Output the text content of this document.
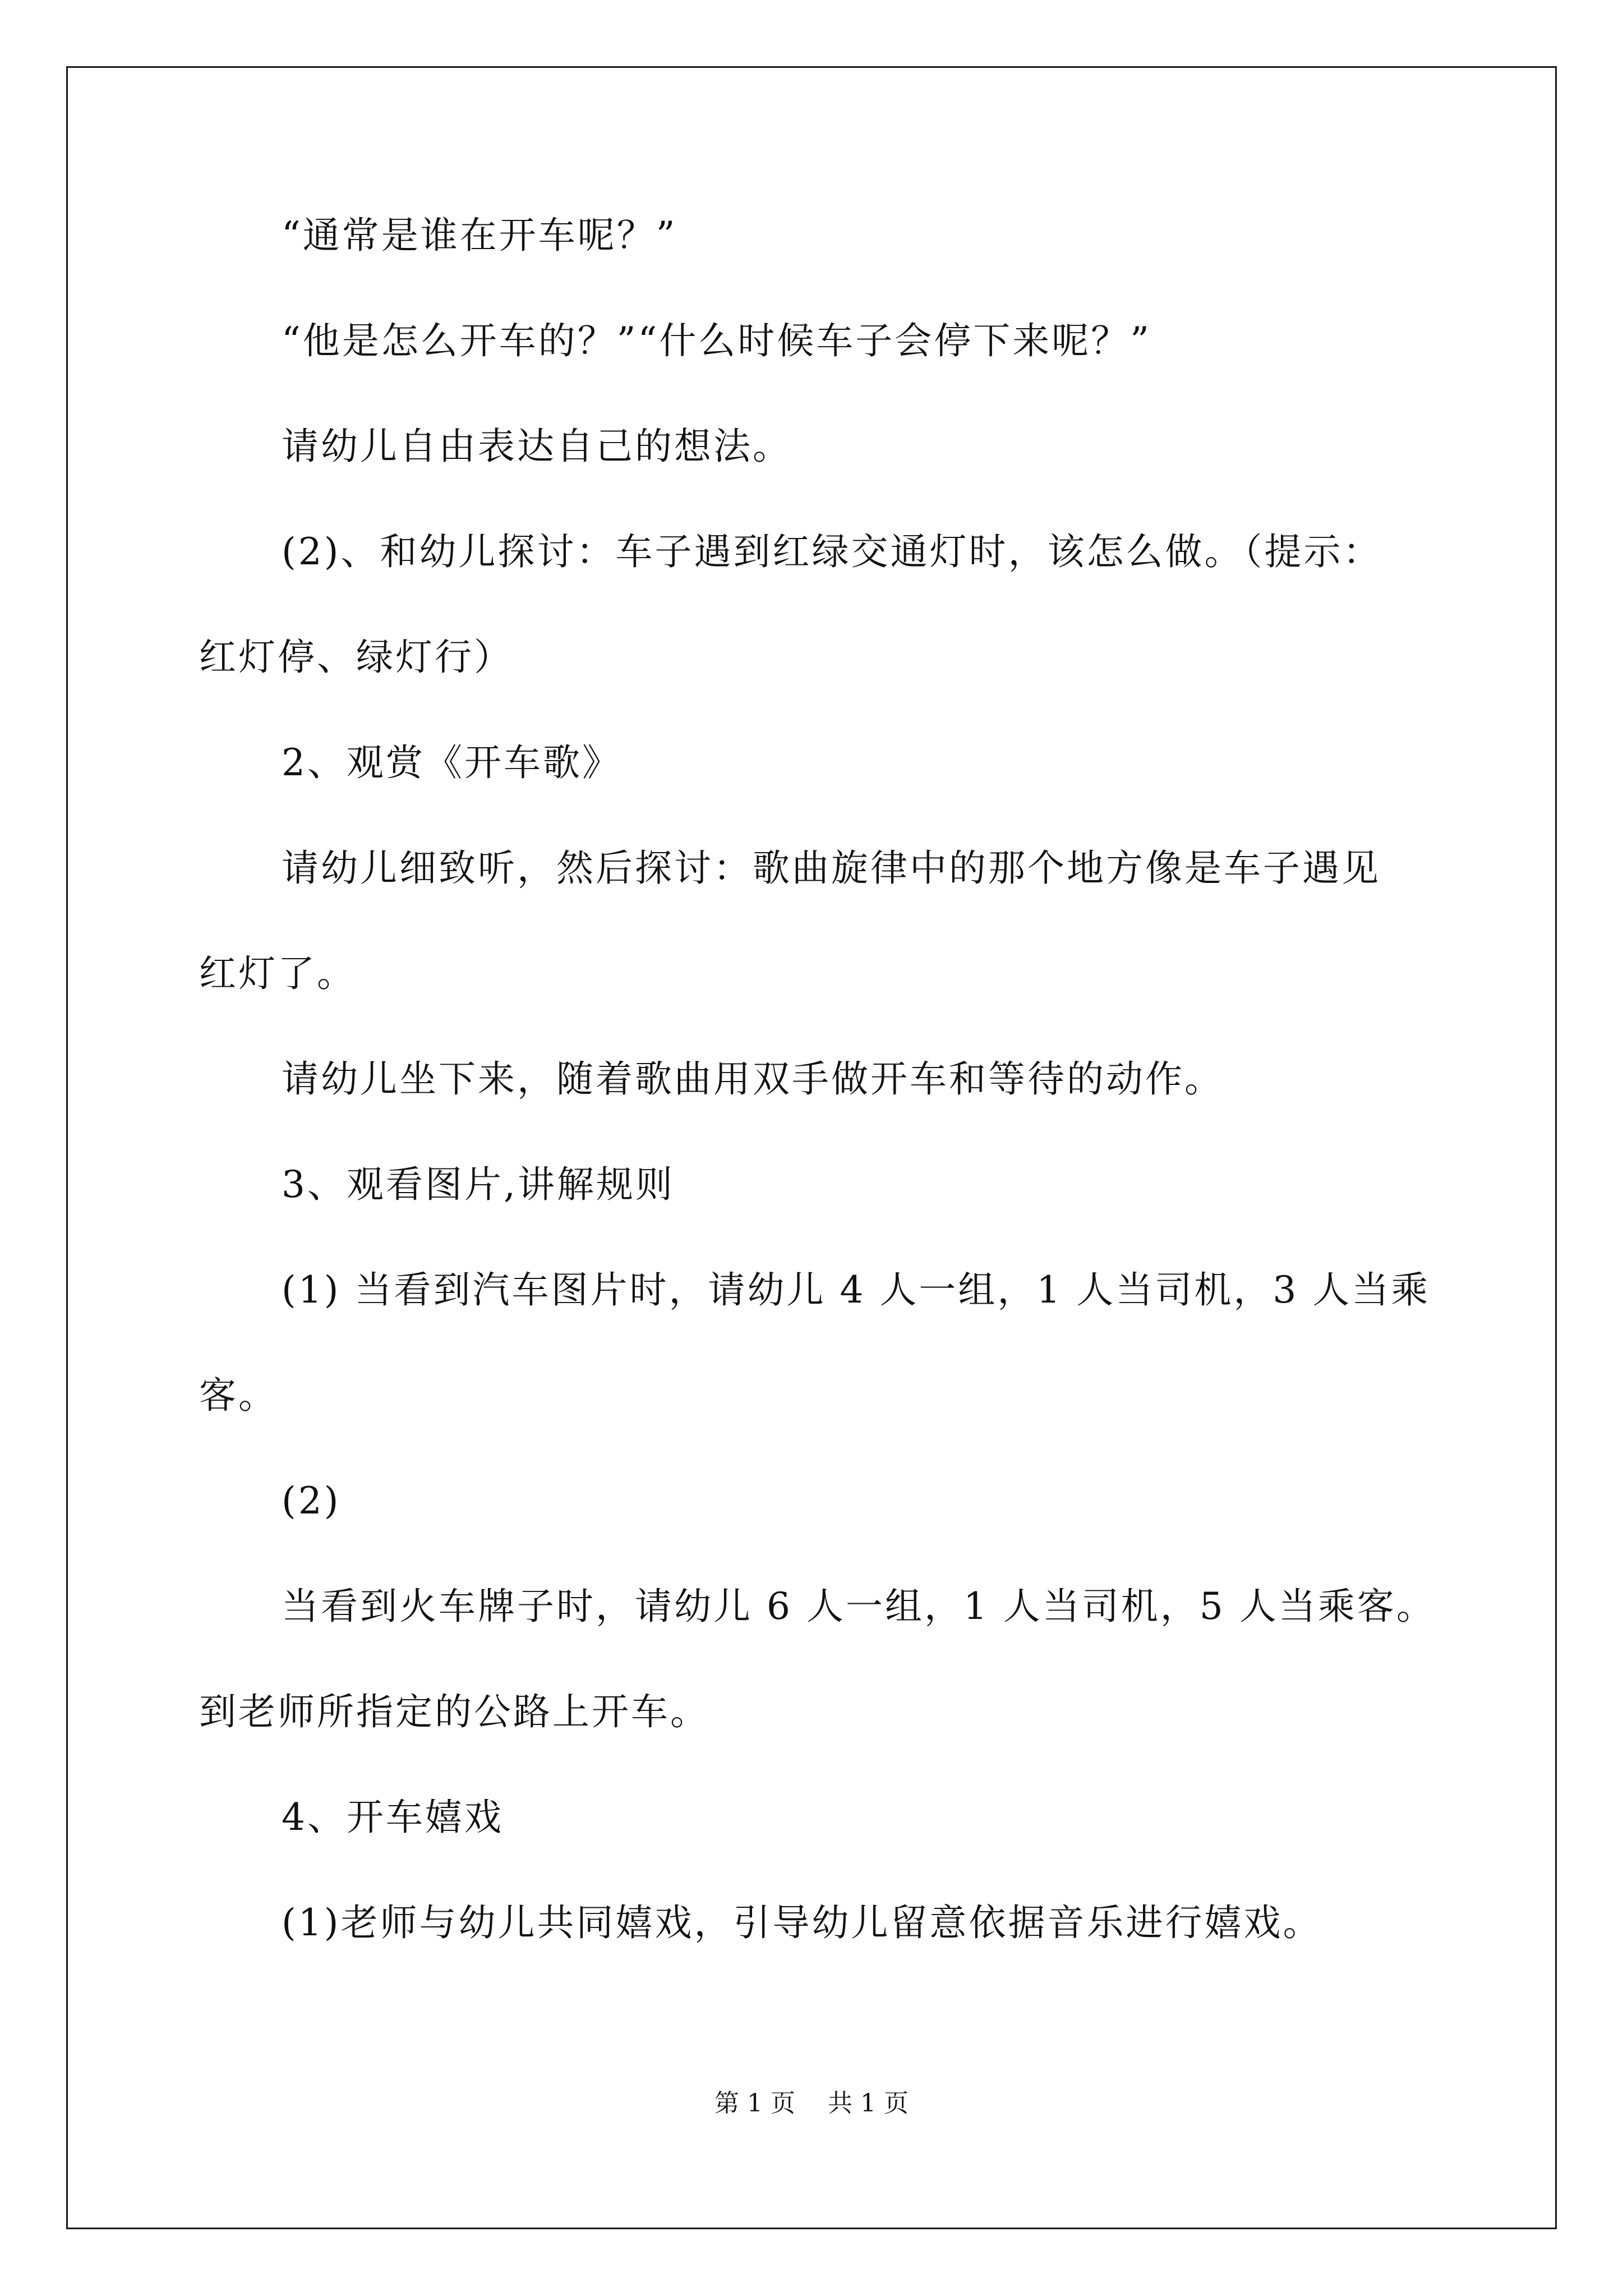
“通常是谁在开车呢？”
“他是怎么开车的？”“什么时候车子会停下来呢？”
请幼儿自由表达自己的想法。
(2)、和幼儿探讨：车子遇到红绿交通灯时，该怎么做。（提示：
红灯停、绿灯行）
2、观赏《开车歌》
请幼儿细致听，然后探讨：歌曲旋律中的那个地方像是车子遇见
红灯了。
请幼儿坐下来，随着歌曲用双手做开车和等待的动作。
3、观看图片,讲解规则
(1) 当看到汽车图片时，请幼儿 4 人一组，1 人当司机，3 人当乘
客。
(2)
当看到火车牌子时，请幼儿 6 人一组，1 人当司机，5 人当乘客。
到老师所指定的公路上开车。
4、开车嬉戏
(1)老师与幼儿共同嬉戏，引导幼儿留意依据音乐进行嬉戏。
第 1 页　 共 1 页
